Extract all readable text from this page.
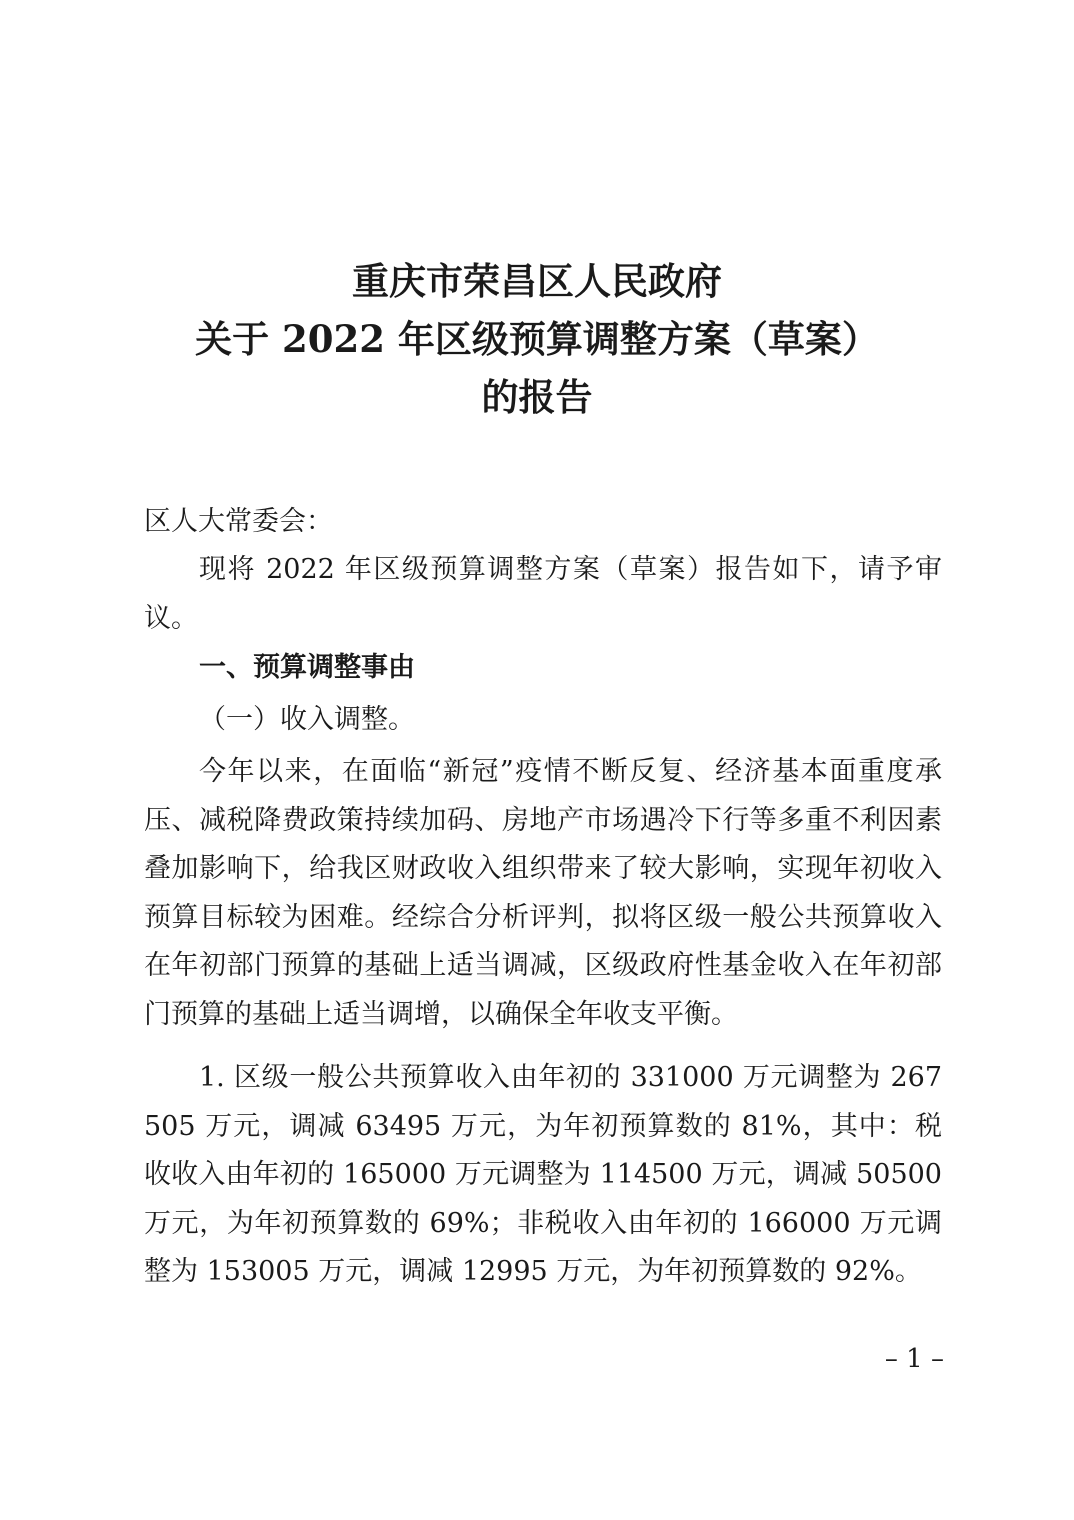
重庆市荣昌区人民政府
关于 2022 年区级预算调整方案（草案）
的报告

区人大常委会：

现将 2022 年区级预算调整方案（草案）报告如下，请予审议。

一、预算调整事由

（一）收入调整。

今年以来，在面临“新冠”疫情不断反复、经济基本面重度承压、减税降费政策持续加码、房地产市场遇冷下行等多重不利因素叠加影响下，给我区财政收入组织带来了较大影响，实现年初收入预算目标较为困难。经综合分析评判，拟将区级一般公共预算收入在年初部门预算的基础上适当调减，区级政府性基金收入在年初部门预算的基础上适当调增，以确保全年收支平衡。

1. 区级一般公共预算收入由年初的 331000 万元调整为 267505 万元，调减 63495 万元，为年初预算数的 81%，其中：税收收入由年初的 165000 万元调整为 114500 万元，调减 50500 万元，为年初预算数的 69%；非税收入由年初的 166000 万元调整为 153005 万元，调减 12995 万元，为年初预算数的 92%。

– 1 –
